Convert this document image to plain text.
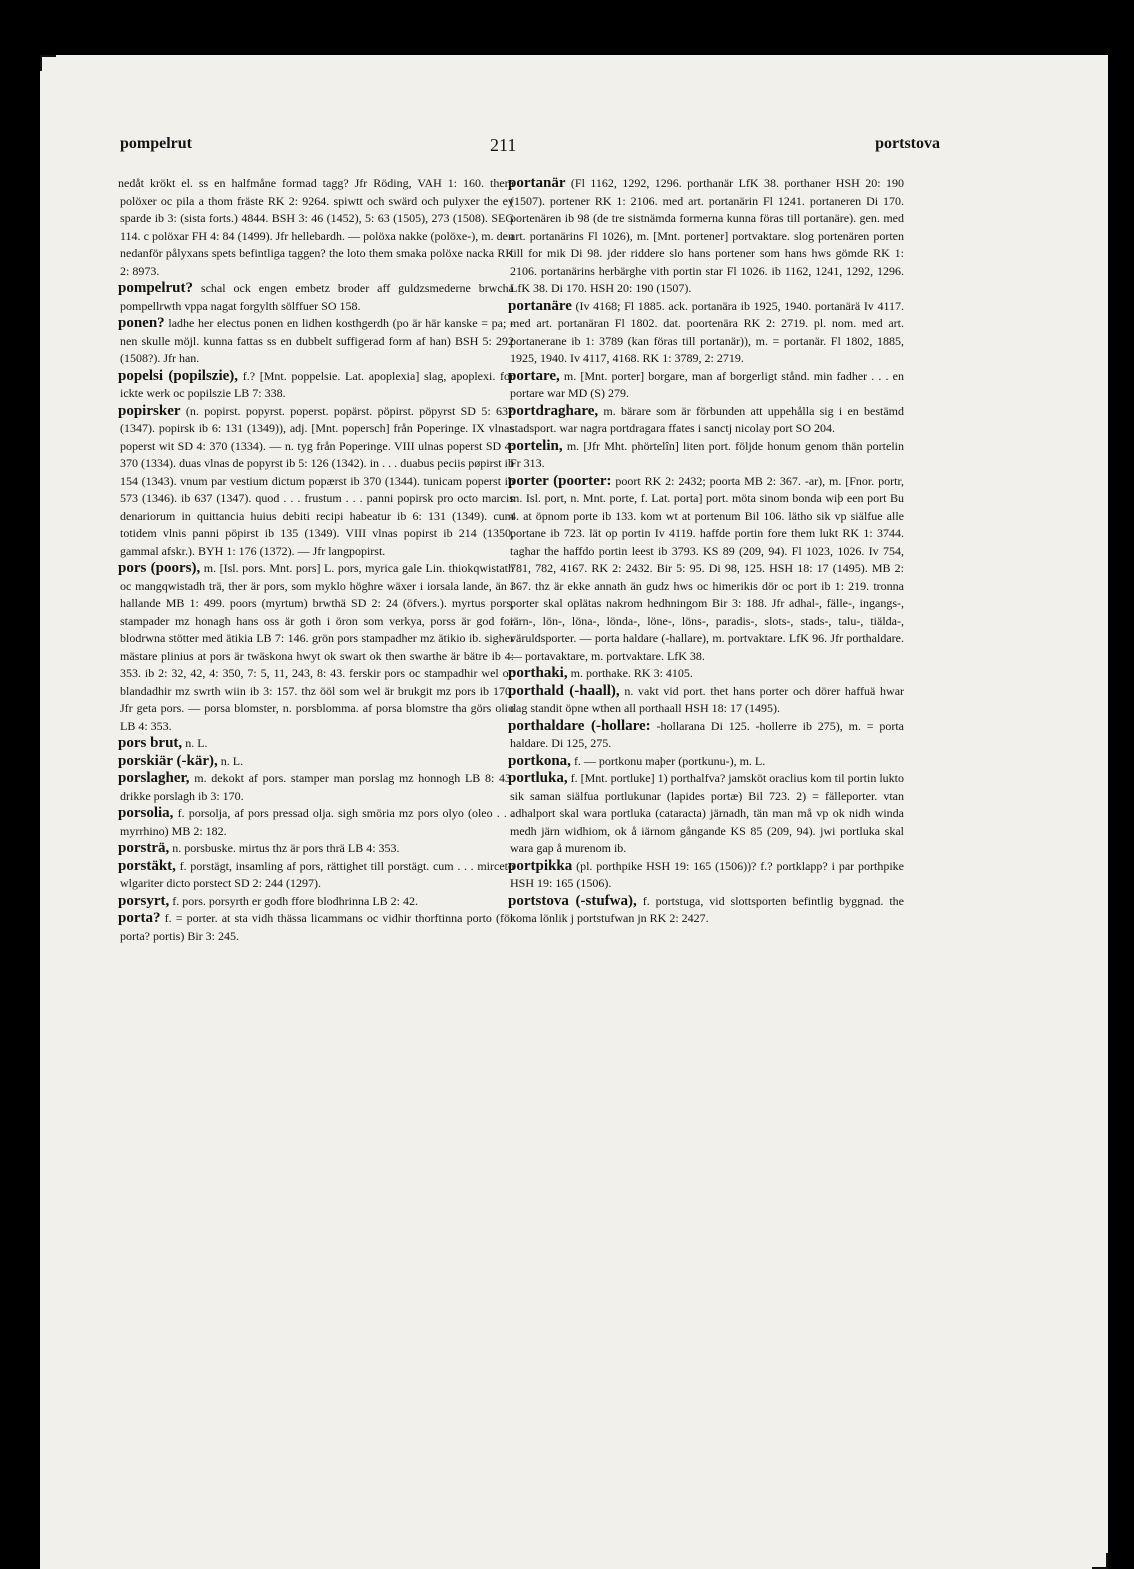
pompelrut	211	portstova

nedåt krökt el. ss en halfmåne formad tagg? Jfr Röding, VAH 1: 160. thera polöxer oc pila a thom fräste RK 2: 9264. spiwtt och swärd och pulyxer the ey sparde ib 3: (sista forts.) 4844. BSH 3: 46 (1452), 5: 63 (1505), 273 (1508). SEG 114. c polöxar FH 4: 84 (1499). Jfr hellebardh. — polöxa nakke (polöxe-), m. den nedanför pålyxans spets befintliga taggen? the loto them smaka polöxe nacka RK 2: 8973.

pompelrut? schal ock engen embetz broder aff guldzsmederne brwcha pompellrwth vppa nagat forgylth sölffuer SO 158.

ponen? ladhe her electus ponen en lidhen kosthgerdh (po är här kanske = pa; -nen skulle möjl. kunna fattas ss en dubbelt suffigerad form af han) BSH 5: 292 (1508?). Jfr han.

popelsi (popilszie), f.? [Mnt. poppelsie. Lat. apoplexia] slag, apoplexi. for ickte werk oc popilszie LB 7: 338.

popirsker (n. popirst. popyrst. poperst. popärst. pöpirst. pöpyrst SD 5: 637 (1347). popirsk ib 6: 131 (1349)), adj. [Mnt. popersch] från Poperinge. IX vlnas poperst wit SD 4: 370 (1334). — n. tyg från Poperinge. VIII ulnas poperst SD 4: 370 (1334). duas vlnas de popyrst ib 5: 126 (1342). in . . . duabus peciis pøpirst ib 154 (1343). vnum par vestium dictum popærst ib 370 (1344). tunicam poperst ib 573 (1346). ib 637 (1347). quod . . . frustum . . . panni popirsk pro octo marcis denariorum in quittancia huius debiti recipi habeatur ib 6: 131 (1349). cum totidem vlnis panni pöpirst ib 135 (1349). VIII vlnas popirst ib 214 (1350, gammal afskr.). BYH 1: 176 (1372). — Jfr langpopirst.

pors (poors), m. [Isl. pors. Mnt. pors] L. pors, myrica gale Lin. thiokqwistath oc mangqwistadh trä, ther är pors, som myklo höghre wäxer i iorsala lande, än i hallande MB 1: 499. poors (myrtum) brwthä SD 2: 24 (öfvers.). myrtus pors, stampader mz honagh hans oss är goth i öron som verkya, porss är god for blodrwna stötter med ätikia LB 7: 146. grön pors stampadher mz ätikio ib. sigher mästare plinius at pors är twäskona hwyt ok swart ok then swarthe är bätre ib 4: 353. ib 2: 32, 42, 4: 350, 7: 5, 11, 243, 8: 43. ferskir pors oc stampadhir wel oc blandadhir mz swrth wiin ib 3: 157. thz ööl som wel är brukgit mz pors ib 170. Jfr geta pors. — porsa blomster, n. porsblomma. af porsa blomstre tha görs olio LB 4: 353.

pors brut, n. L.

porskiär (-kär), n. L.

porslagher, m. dekokt af pors. stamper man porslag mz honnogh LB 8: 43. drikke porslagh ib 3: 170.

porsolia, f. porsolja, af pors pressad olja. sigh smöria mz pors olyo (oleo . . . myrrhino) MB 2: 182.

porsträ, n. porsbuske. mirtus thz är pors thrä LB 4: 353.

porstäkt, f. porstägt, insamling af pors, rättighet till porstägt. cum . . . mirceto wlgariter dicto porstect SD 2: 244 (1297).

porsyrt, f. pors. porsyrth er godh ffore blodhrinna LB 2: 42.

porta? f. = porter. at sta vidh thässa licammans oc vidhir thorftinna porto (för porta? portis) Bir 3: 245.

portanär (Fl 1162, 1292, 1296. porthanär LfK 38. porthaner HSH 20: 190 (1507). portener RK 1: 2106. med art. portanärin Fl 1241. portaneren Di 170. portenären ib 98 (de tre sistnämda formerna kunna föras till portanäre). gen. med art. portanärins Fl 1026), m. [Mnt. portener] portvaktare. slog portenären porten till for mik Di 98. jder riddere slo hans portener som hans hws gömde RK 1: 2106. portanärins herbärghe vith portin star Fl 1026. ib 1162, 1241, 1292, 1296. LfK 38. Di 170. HSH 20: 190 (1507).

portanäre (Iv 4168; Fl 1885. ack. portanära ib 1925, 1940. portanärä Iv 4117. med art. portanäran Fl 1802. dat. poortenära RK 2: 2719. pl. nom. med art. portanerane ib 1: 3789 (kan föras till portanär)), m. = portanär. Fl 1802, 1885, 1925, 1940. Iv 4117, 4168. RK 1: 3789, 2: 2719.

portare, m. [Mnt. porter] borgare, man af borgerligt stånd. min fadher . . . en portare war MD (S) 279.

portdraghare, m. bärare som är förbunden att uppehålla sig i en bestämd stadsport. war nagra portdragara ffates i sanctj nicolay port SO 204.

portelin, m. [Jfr Mht. phörtelîn] liten port. följde honum genom thän portelin Fr 313.

porter (poorter: poort RK 2: 2432; poorta MB 2: 367. -ar), m. [Fnor. portr, m. Isl. port, n. Mnt. porte, f. Lat. porta] port. möta sinom bonda wiþ een port Bu 4. at öpnom porte ib 133. kom wt at portenum Bil 106. lätho sik vp siälfue alle portane ib 723. lät op portin Iv 4119. haffde portin fore them lukt RK 1: 3744. taghar the haffdo portin leest ib 3793. KS 89 (209, 94). Fl 1023, 1026. Iv 754, 781, 782, 4167. RK 2: 2432. Bir 5: 95. Di 98, 125. HSH 18: 17 (1495). MB 2: 367. thz är ekke annath än gudz hws oc himerikis dör oc port ib 1: 219. tronna porter skal oplätas nakrom hedhningom Bir 3: 188. Jfr adhal-, fälle-, ingangs-, iärn-, lön-, löna-, lönda-, löne-, löns-, paradis-, slots-, stads-, talu-, tiälda-, väruldsporter. — porta haldare (-hallare), m. portvaktare. LfK 96. Jfr porthaldare. — portavaktare, m. portvaktare. LfK 38.

porthaki, m. porthake. RK 3: 4105.

porthald (-haall), n. vakt vid port. thet hans porter och dörer haffuä hwar dag standit öpne wthen all porthaall HSH 18: 17 (1495).

porthaldare (-hollare: -hollarana Di 125. -hollerre ib 275), m. = porta haldare. Di 125, 275.

portkona, f. — portkonu maþer (portkunu-), m. L.

portluka, f. [Mnt. portluke] 1) porthalfva? jamsköt oraclius kom til portin lukto sik saman siälfua portlukunar (lapides portæ) Bil 723. 2) = fälleporter. vtan adhalport skal wara portluka (cataracta) järnadh, tän man må vp ok nidh winda medh järn widhiom, ok å iärnom gångande KS 85 (209, 94). jwi portluka skal wara gap å murenom ib.

portpikka (pl. porthpike HSH 19: 165 (1506))? f.? portklapp? i par porthpike HSH 19: 165 (1506).

portstova (-stufwa), f. portstuga, vid slottsporten befintlig byggnad. the koma lönlik j portstufwan jn RK 2: 2427.
